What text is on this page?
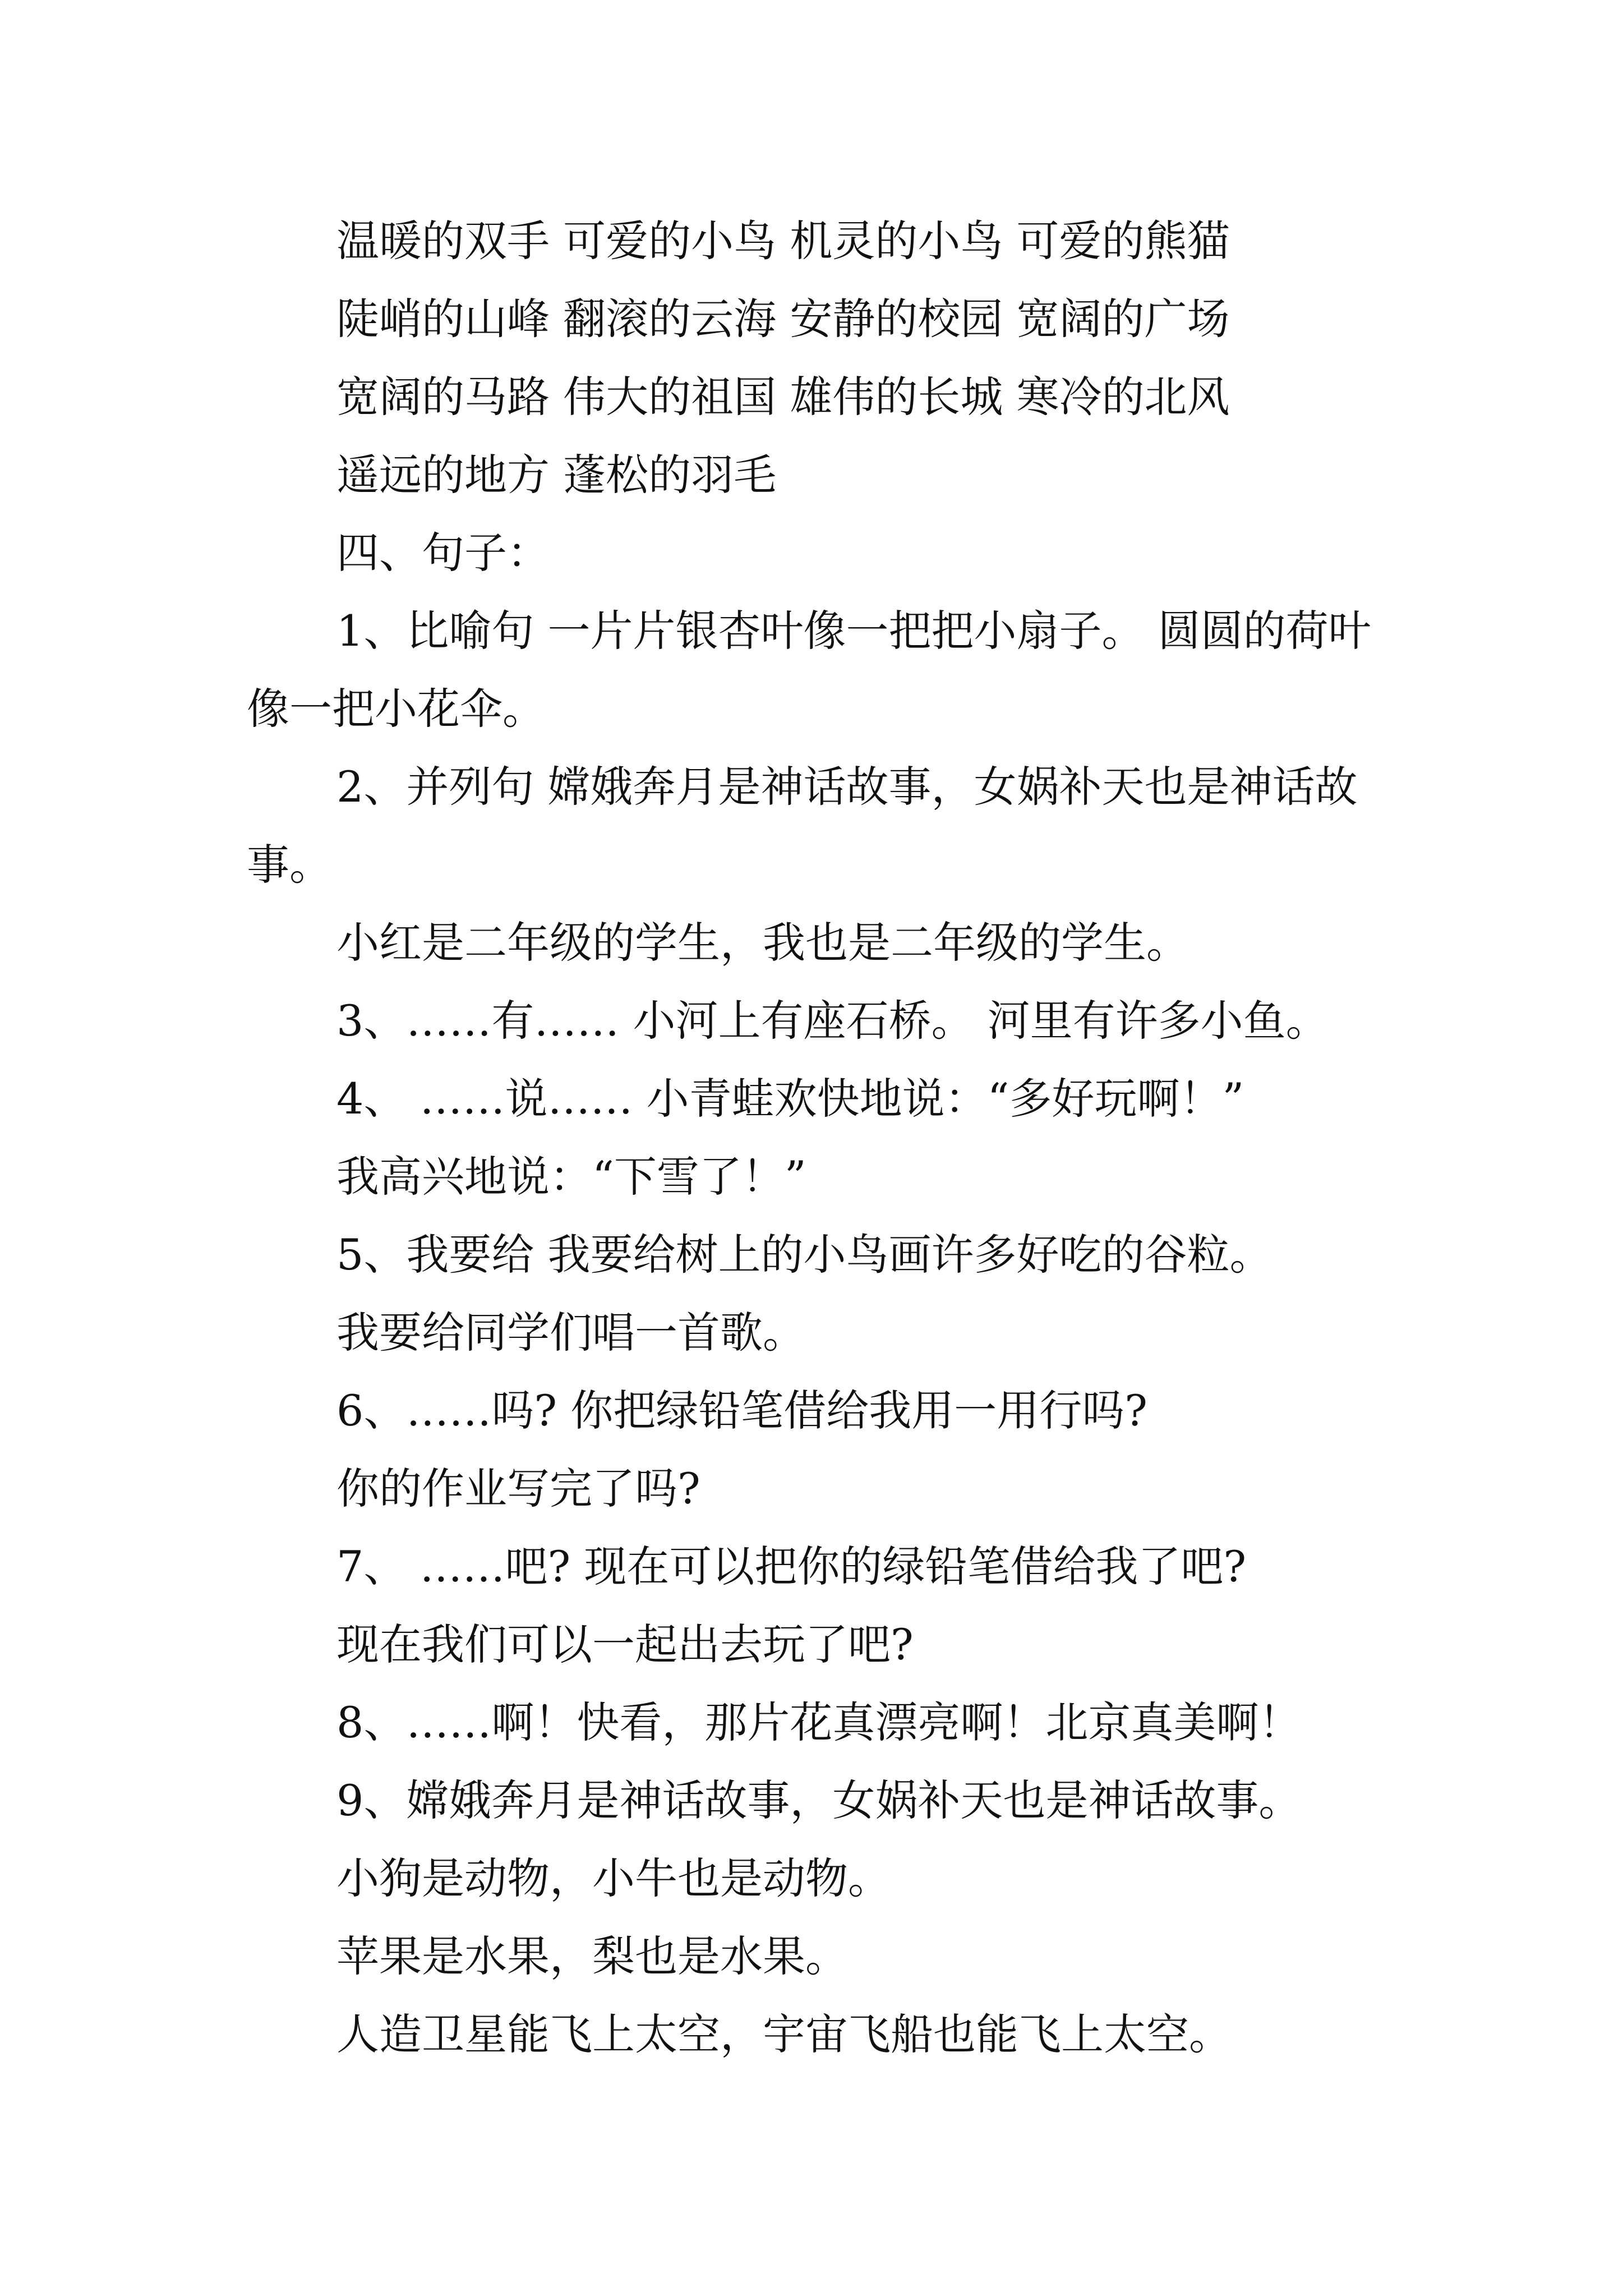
温暖的双手 可爱的小鸟 机灵的小鸟 可爱的熊猫

陡峭的山峰 翻滚的云海 安静的校园 宽阔的广场

宽阔的马路 伟大的祖国 雄伟的长城 寒冷的北风

遥远的地方 蓬松的羽毛

四、句子：

1、比喻句 一片片银杏叶像一把把小扇子。 圆圆的荷叶像一把小花伞。

2、并列句 嫦娥奔月是神话故事，女娲补天也是神话故事。

小红是二年级的学生，我也是二年级的学生。

3、……有…… 小河上有座石桥。 河里有许多小鱼。

4、 ……说…… 小青蛙欢快地说：“多好玩啊！”

我高兴地说：“下雪了！”

5、我要给 我要给树上的小鸟画许多好吃的谷粒。

我要给同学们唱一首歌。

6、……吗? 你把绿铅笔借给我用一用行吗?

你的作业写完了吗?

7、 ……吧? 现在可以把你的绿铅笔借给我了吧?

现在我们可以一起出去玩了吧?

8、……啊！快看，那片花真漂亮啊！北京真美啊！

9、嫦娥奔月是神话故事，女娲补天也是神话故事。

小狗是动物，小牛也是动物。

苹果是水果，梨也是水果。

人造卫星能飞上太空，宇宙飞船也能飞上太空。
